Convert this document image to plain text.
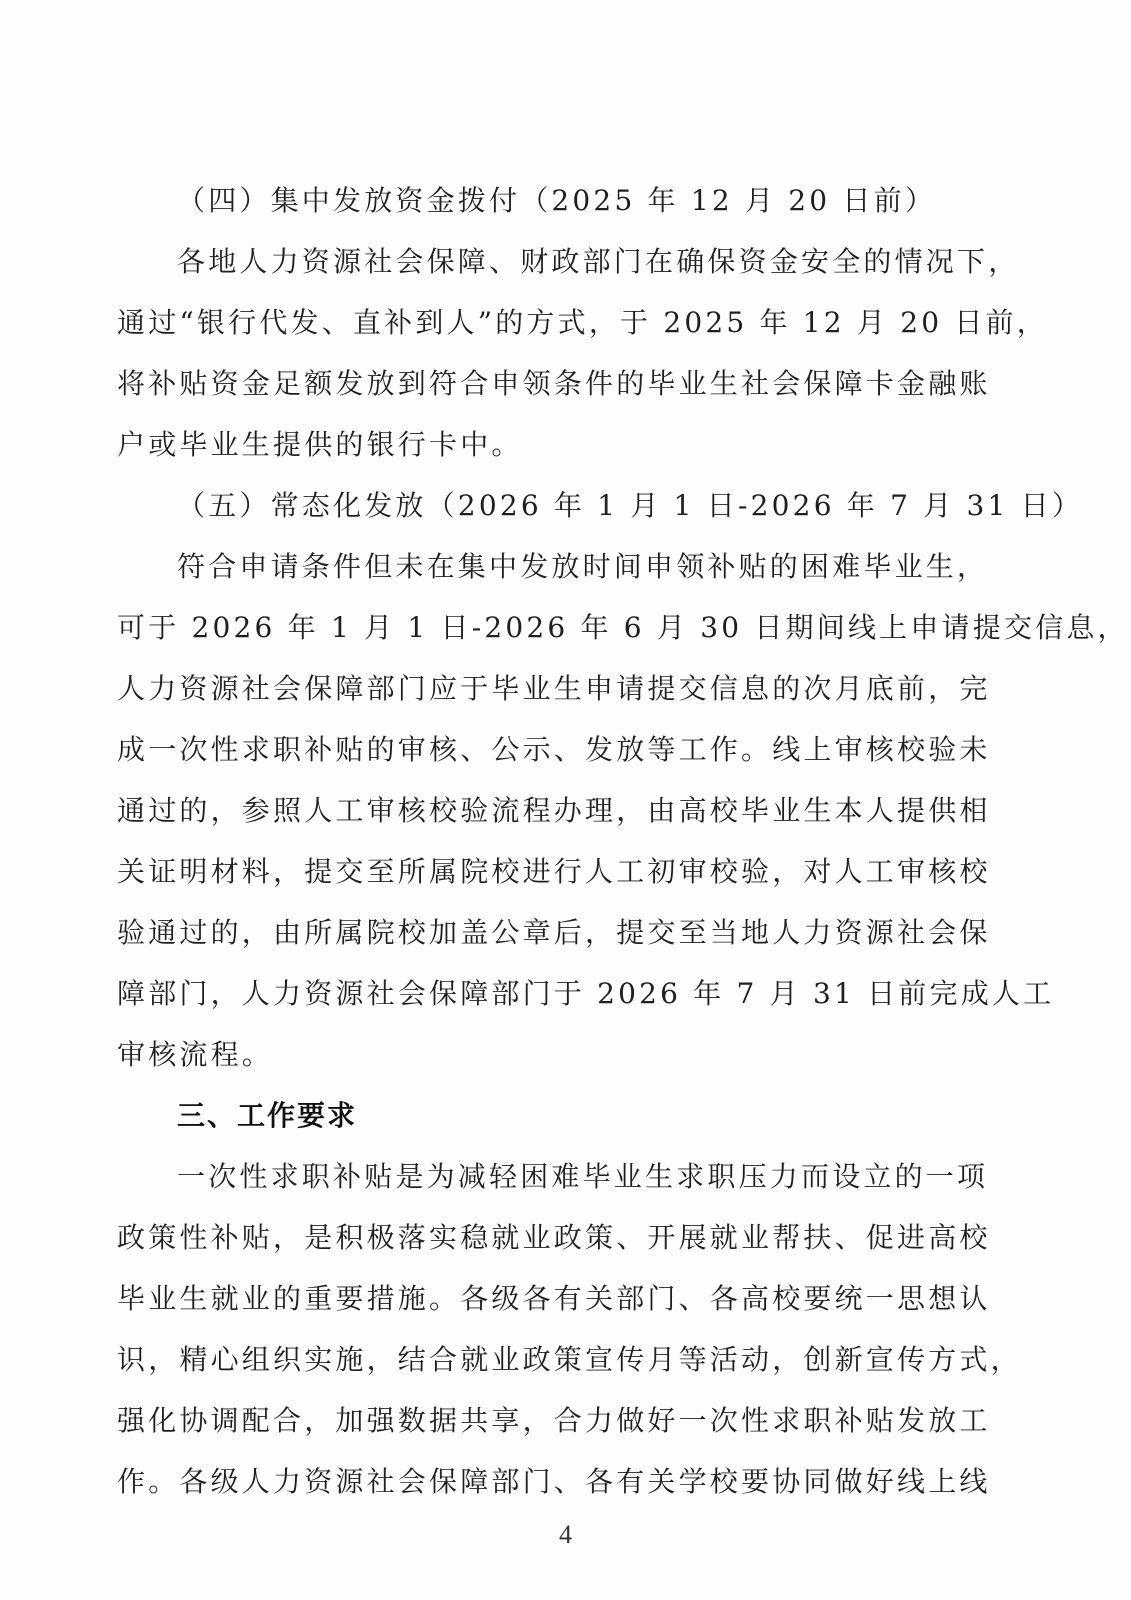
（四）集中发放资金拨付（2025 年 12 月 20 日前）
各地人力资源社会保障、财政部门在确保资金安全的情况下，
通过“银行代发、直补到人”的方式，于 2025 年 12 月 20 日前，
将补贴资金足额发放到符合申领条件的毕业生社会保障卡金融账
户或毕业生提供的银行卡中。
（五）常态化发放（2026 年 1 月 1 日-2026 年 7 月 31 日）
符合申请条件但未在集中发放时间申领补贴的困难毕业生，
可于 2026 年 1 月 1 日-2026 年 6 月 30 日期间线上申请提交信息，
人力资源社会保障部门应于毕业生申请提交信息的次月底前，完
成一次性求职补贴的审核、公示、发放等工作。线上审核校验未
通过的，参照人工审核校验流程办理，由高校毕业生本人提供相
关证明材料，提交至所属院校进行人工初审校验，对人工审核校
验通过的，由所属院校加盖公章后，提交至当地人力资源社会保
障部门，人力资源社会保障部门于 2026 年 7 月 31 日前完成人工
审核流程。
三、工作要求
一次性求职补贴是为减轻困难毕业生求职压力而设立的一项
政策性补贴，是积极落实稳就业政策、开展就业帮扶、促进高校
毕业生就业的重要措施。各级各有关部门、各高校要统一思想认
识，精心组织实施，结合就业政策宣传月等活动，创新宣传方式，
强化协调配合，加强数据共享，合力做好一次性求职补贴发放工
作。各级人力资源社会保障部门、各有关学校要协同做好线上线
4
